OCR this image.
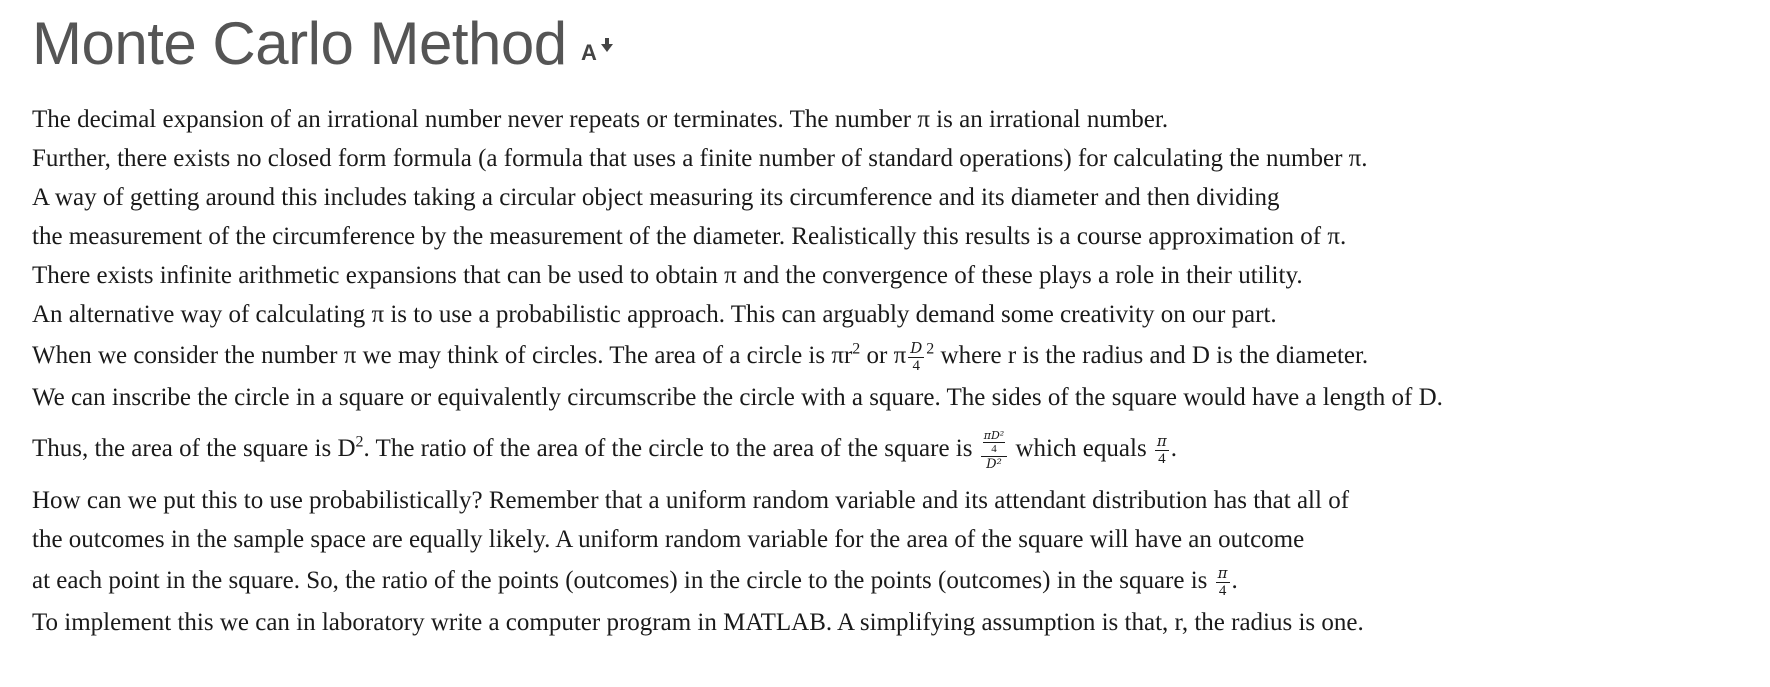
Monte Carlo Method A
The decimal expansion of an irrational number never repeats or terminates. The number π is an irrational number.
Further, there exists no closed form formula (a formula that uses a finite number of standard operations) for calculating the number π.
A way of getting around this includes taking a circular object measuring its circumference and its diameter and then dividing
the measurement of the circumference by the measurement of the diameter. Realistically this results is a course approximation of π.
There exists infinite arithmetic expansions that can be used to obtain π and the convergence of these plays a role in their utility.
An alternative way of calculating π is to use a probabilistic approach. This can arguably demand some creativity on our part.
When we consider the number π we may think of circles. The area of a circle is $\pi r^2$ or π $\frac{D}{4} ^2$ where r is the radius and D is the diameter.
We can inscribe the circle in a square or equivalently circumscribe the circle with a square. The sides of the square would have a length of D.
Thus, the area of the square is $D^2$. The ratio of the area of the circle to the area of the square is $\frac{\frac{\text{πD²}}{4}}{\text{D²}}$ which equals $\frac{\pi}{4}$ .
How can we put this to use probabilistically? Remember that a uniform random variable and its attendant distribution has that all of
the outcomes in the sample space are equally likely. A uniform random variable for the area of the square will have an outcome
at each point in the square. So, the ratio of the points (outcomes) in the circle to the points (outcomes) in the square is $\frac{\pi}{4}$ .
To implement this we can in laboratory write a computer program in MATLAB. A simplifying assumption is that, r, the radius is one.
